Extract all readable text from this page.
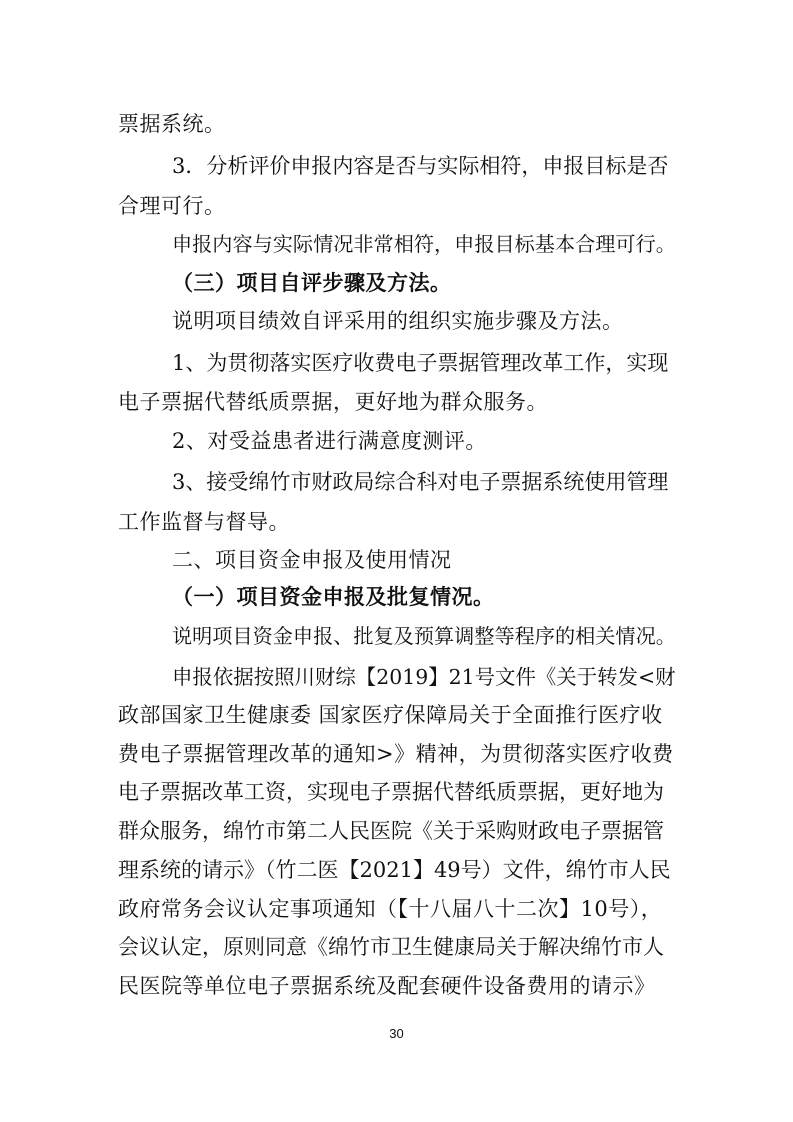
票据系统。
3．分析评价申报内容是否与实际相符，申报目标是否
合理可行。
申报内容与实际情况非常相符，申报目标基本合理可行。
（三）项目自评步骤及方法。
说明项目绩效自评采用的组织实施步骤及方法。
1、为贯彻落实医疗收费电子票据管理改革工作，实现
电子票据代替纸质票据，更好地为群众服务。
2、对受益患者进行满意度测评。
3、接受绵竹市财政局综合科对电子票据系统使用管理
工作监督与督导。
二、项目资金申报及使用情况
（一）项目资金申报及批复情况。
说明项目资金申报、批复及预算调整等程序的相关情况。
申报依据按照川财综【2019】21号文件《关于转发<财
政部国家卫生健康委 国家医疗保障局关于全面推行医疗收
费电子票据管理改革的通知>》精神，为贯彻落实医疗收费
电子票据改革工资，实现电子票据代替纸质票据，更好地为
群众服务，绵竹市第二人民医院《关于采购财政电子票据管
理系统的请示》（竹二医【2021】49号）文件，绵竹市人民
政府常务会议认定事项通知（【十八届八十二次】10号），
会议认定，原则同意《绵竹市卫生健康局关于解决绵竹市人
民医院等单位电子票据系统及配套硬件设备费用的请示》
30
